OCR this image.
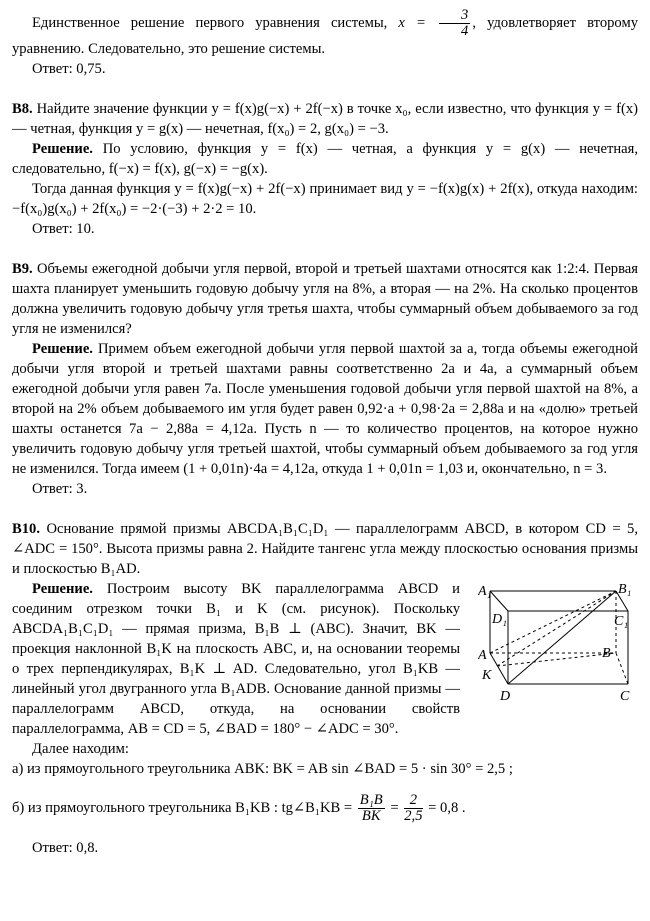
Единственное решение первого уравнения системы, $x = \frac{3}{4}$ , удовлетворяет второму уравнению. Следовательно, это решение системы.

Ответ: 0,75.

B8. Найдите значение функции y = f(x)g(−x) + 2f(−x) в точке x₀, если известно, что функция y = f(x) — четная, функция y = g(x) — нечетная, f(x₀) = 2, g(x₀) = −3.

Решение. По условию, функция y = f(x) — четная, а функция y = g(x) — нечетная, следовательно, f(−x) = f(x), g(−x) = −g(x).

Тогда данная функция y = f(x)g(−x) + 2f(−x) принимает вид y = −f(x)g(x) + 2f(x), откуда находим: −f(x₀)g(x₀) + 2f(x₀) = −2·(−3) + 2·2 = 10.

Ответ: 10.

B9. Объемы ежегодной добычи угля первой, второй и третьей шахтами относятся как 1:2:4. Первая шахта планирует уменьшить годовую добычу угля на 8%, а вторая — на 2%. На сколько процентов должна увеличить годовую добычу угля третья шахта, чтобы суммарный объем добываемого за год угля не изменился?

Решение. Примем объем ежегодной добычи угля первой шахтой за a, тогда объемы ежегодной добычи угля второй и третьей шахтами равны соответственно 2a и 4a, а суммарный объем ежегодной добычи угля равен 7a. После уменьшения годовой добычи угля первой шахтой на 8%, а второй на 2% объем добываемого им угля будет равен 0,92·a + 0,98·2a = 2,88a и на «долю» третьей шахты останется 7a − 2,88a = 4,12a. Пусть n — то количество процентов, на которое нужно увеличить годовую добычу угля третьей шахтой, чтобы суммарный объем добываемого за год угля не изменился. Тогда имеем (1 + 0,01n)·4a = 4,12a, откуда 1 + 0,01n = 1,03 и, окончательно, n = 3.

Ответ: 3.

B10. Основание прямой призмы ABCDA₁B₁C₁D₁ — параллелограмм ABCD, в котором CD = 5, ∠ADC = 150°. Высота призмы равна 2. Найдите тангенс угла между плоскостью основания призмы и плоскостью B₁AD.

Решение. Построим высоту BK параллелограмма ABCD и соединим отрезком точки B₁ и K (см. рисунок). Поскольку ABCDA₁B₁C₁D₁ — прямая призма, B₁B ⊥ (ABC). Значит, BK — проекция наклонной B₁K на плоскость ABC, и, на основании теоремы о трех перпендикулярах, B₁K ⊥ AD. Следовательно, угол B₁KB — линейный угол двугранного угла B₁ADB. Основание данной призмы — параллелограмм ABCD, откуда, на основании свойств параллелограмма, AB = CD = 5, ∠BAD = 180° − ∠ADC = 30°.

A₁	B₁
C₁
D₁
A	B
C
D
K

Далее находим:

а) из прямоугольного треугольника ABK: BK = AB sin ∠BAD = 5 · sin 30° = 2,5 ;

б) из прямоугольного треугольника B₁KB : tg∠B₁KB = $\frac{\text{B₁B}}{BK} = \frac{2}{2,5} = 0,8$ .

Ответ: 0,8.
